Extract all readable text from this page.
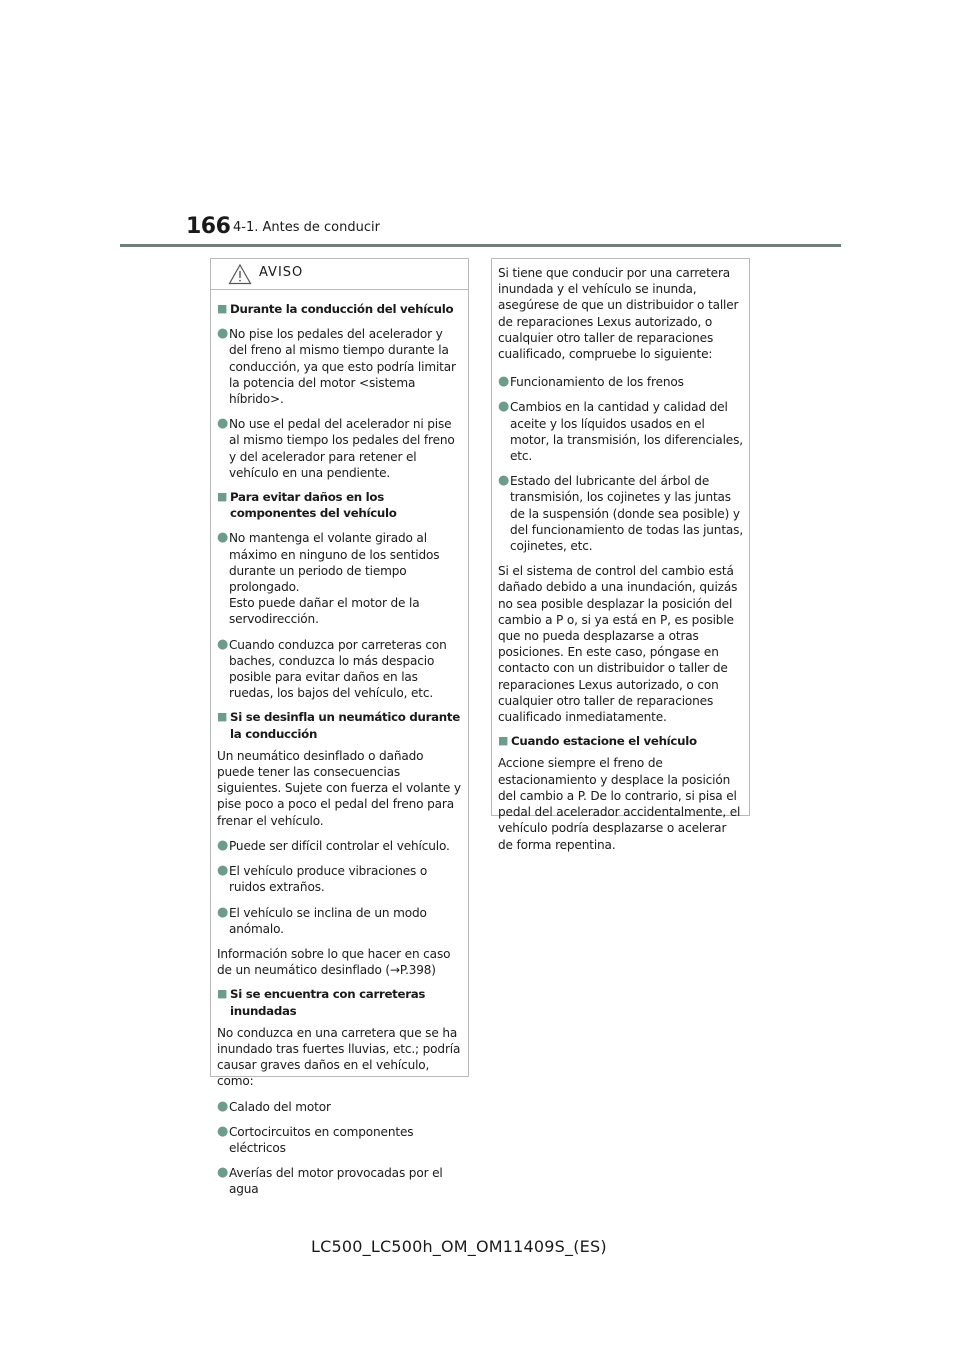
166 4-1. Antes de conducir
AVISO
■ Durante la conducción del vehículo
● No pise los pedales del acelerador y del freno al mismo tiempo durante la conducción, ya que esto podría limitar la potencia del motor <sistema híbrido>.
● No use el pedal del acelerador ni pise al mismo tiempo los pedales del freno y del acelerador para retener el vehículo en una pendiente.
■ Para evitar daños en los componentes del vehículo
● No mantenga el volante girado al máximo en ninguno de los sentidos durante un periodo de tiempo prolongado.
Esto puede dañar el motor de la servodirección.
● Cuando conduzca por carreteras con baches, conduzca lo más despacio posible para evitar daños en las ruedas, los bajos del vehículo, etc.
■ Si se desinfla un neumático durante la conducción
Un neumático desinflado o dañado puede tener las consecuencias siguientes. Sujete con fuerza el volante y pise poco a poco el pedal del freno para frenar el vehículo.
● Puede ser difícil controlar el vehículo.
● El vehículo produce vibraciones o ruidos extraños.
● El vehículo se inclina de un modo anómalo.
Información sobre lo que hacer en caso de un neumático desinflado (→P.398)
■ Si se encuentra con carreteras inundadas
No conduzca en una carretera que se ha inundado tras fuertes lluvias, etc.; podría causar graves daños en el vehículo, como:
● Calado del motor
● Cortocircuitos en componentes eléctricos
● Averías del motor provocadas por el agua
Si tiene que conducir por una carretera inundada y el vehículo se inunda, asegúrese de que un distribuidor o taller de reparaciones Lexus autorizado, o cualquier otro taller de reparaciones cualificado, compruebe lo siguiente:
● Funcionamiento de los frenos
● Cambios en la cantidad y calidad del aceite y los líquidos usados en el motor, la transmisión, los diferenciales, etc.
● Estado del lubricante del árbol de transmisión, los cojinetes y las juntas de la suspensión (donde sea posible) y del funcionamiento de todas las juntas, cojinetes, etc.
Si el sistema de control del cambio está dañado debido a una inundación, quizás no sea posible desplazar la posición del cambio a P o, si ya está en P, es posible que no pueda desplazarse a otras posiciones. En este caso, póngase en contacto con un distribuidor o taller de reparaciones Lexus autorizado, o con cualquier otro taller de reparaciones cualificado inmediatamente.
■ Cuando estacione el vehículo
Accione siempre el freno de estacionamiento y desplace la posición del cambio a P. De lo contrario, si pisa el pedal del acelerador accidentalmente, el vehículo podría desplazarse o acelerar de forma repentina.
LC500_LC500h_OM_OM11409S_(ES)
